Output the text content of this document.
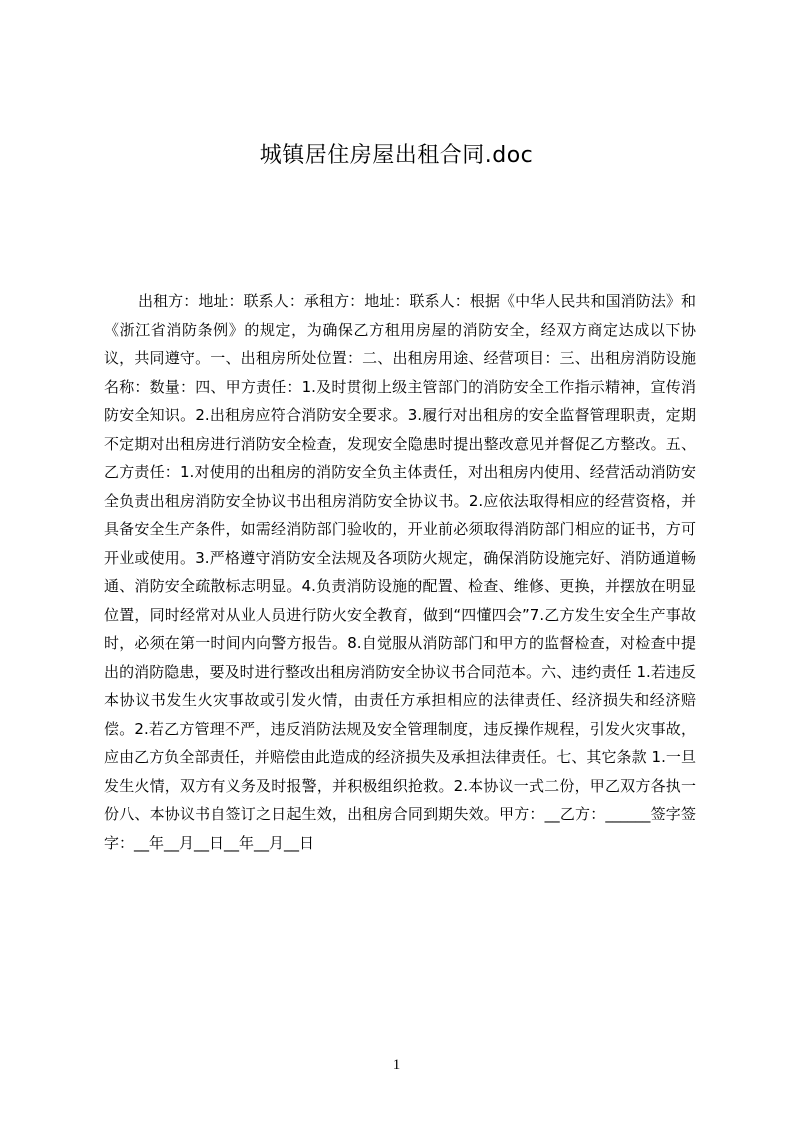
城镇居住房屋出租合同.doc

出租方：地址：联系人：承租方：地址：联系人：根据《中华人民共和国消防法》和《浙江省消防条例》的规定，为确保乙方租用房屋的消防安全，经双方商定达成以下协议，共同遵守。一、出租房所处位置：二、出租房用途、经营项目：三、出租房消防设施名称：数量：四、甲方责任：1.及时贯彻上级主管部门的消防安全工作指示精神，宣传消防安全知识。2.出租房应符合消防安全要求。3.履行对出租房的安全监督管理职责，定期不定期对出租房进行消防安全检查，发现安全隐患时提出整改意见并督促乙方整改。五、乙方责任：1.对使用的出租房的消防安全负主体责任，对出租房内使用、经营活动消防安全负责出租房消防安全协议书出租房消防安全协议书。2.应依法取得相应的经营资格，并具备安全生产条件，如需经消防部门验收的，开业前必须取得消防部门相应的证书，方可开业或使用。3.严格遵守消防安全法规及各项防火规定，确保消防设施完好、消防通道畅通、消防安全疏散标志明显。4.负责消防设施的配置、检查、维修、更换，并摆放在明显位置，同时经常对从业人员进行防火安全教育，做到“四懂四会”7.乙方发生安全生产事故时，必须在第一时间内向警方报告。8.自觉服从消防部门和甲方的监督检查，对检查中提出的消防隐患，要及时进行整改出租房消防安全协议书合同范本。六、违约责任 1.若违反本协议书发生火灾事故或引发火情，由责任方承担相应的法律责任、经济损失和经济赔偿。2.若乙方管理不严，违反消防法规及安全管理制度，违反操作规程，引发火灾事故，应由乙方负全部责任，并赔偿由此造成的经济损失及承担法律责任。七、其它条款 1.一旦发生火情，双方有义务及时报警，并积极组织抢救。2.本协议一式二份，甲乙双方各执一份八、本协议书自签订之日起生效，出租房合同到期失效。甲方：__乙方：______签字签字：__年__月__日__年__月__日

1
